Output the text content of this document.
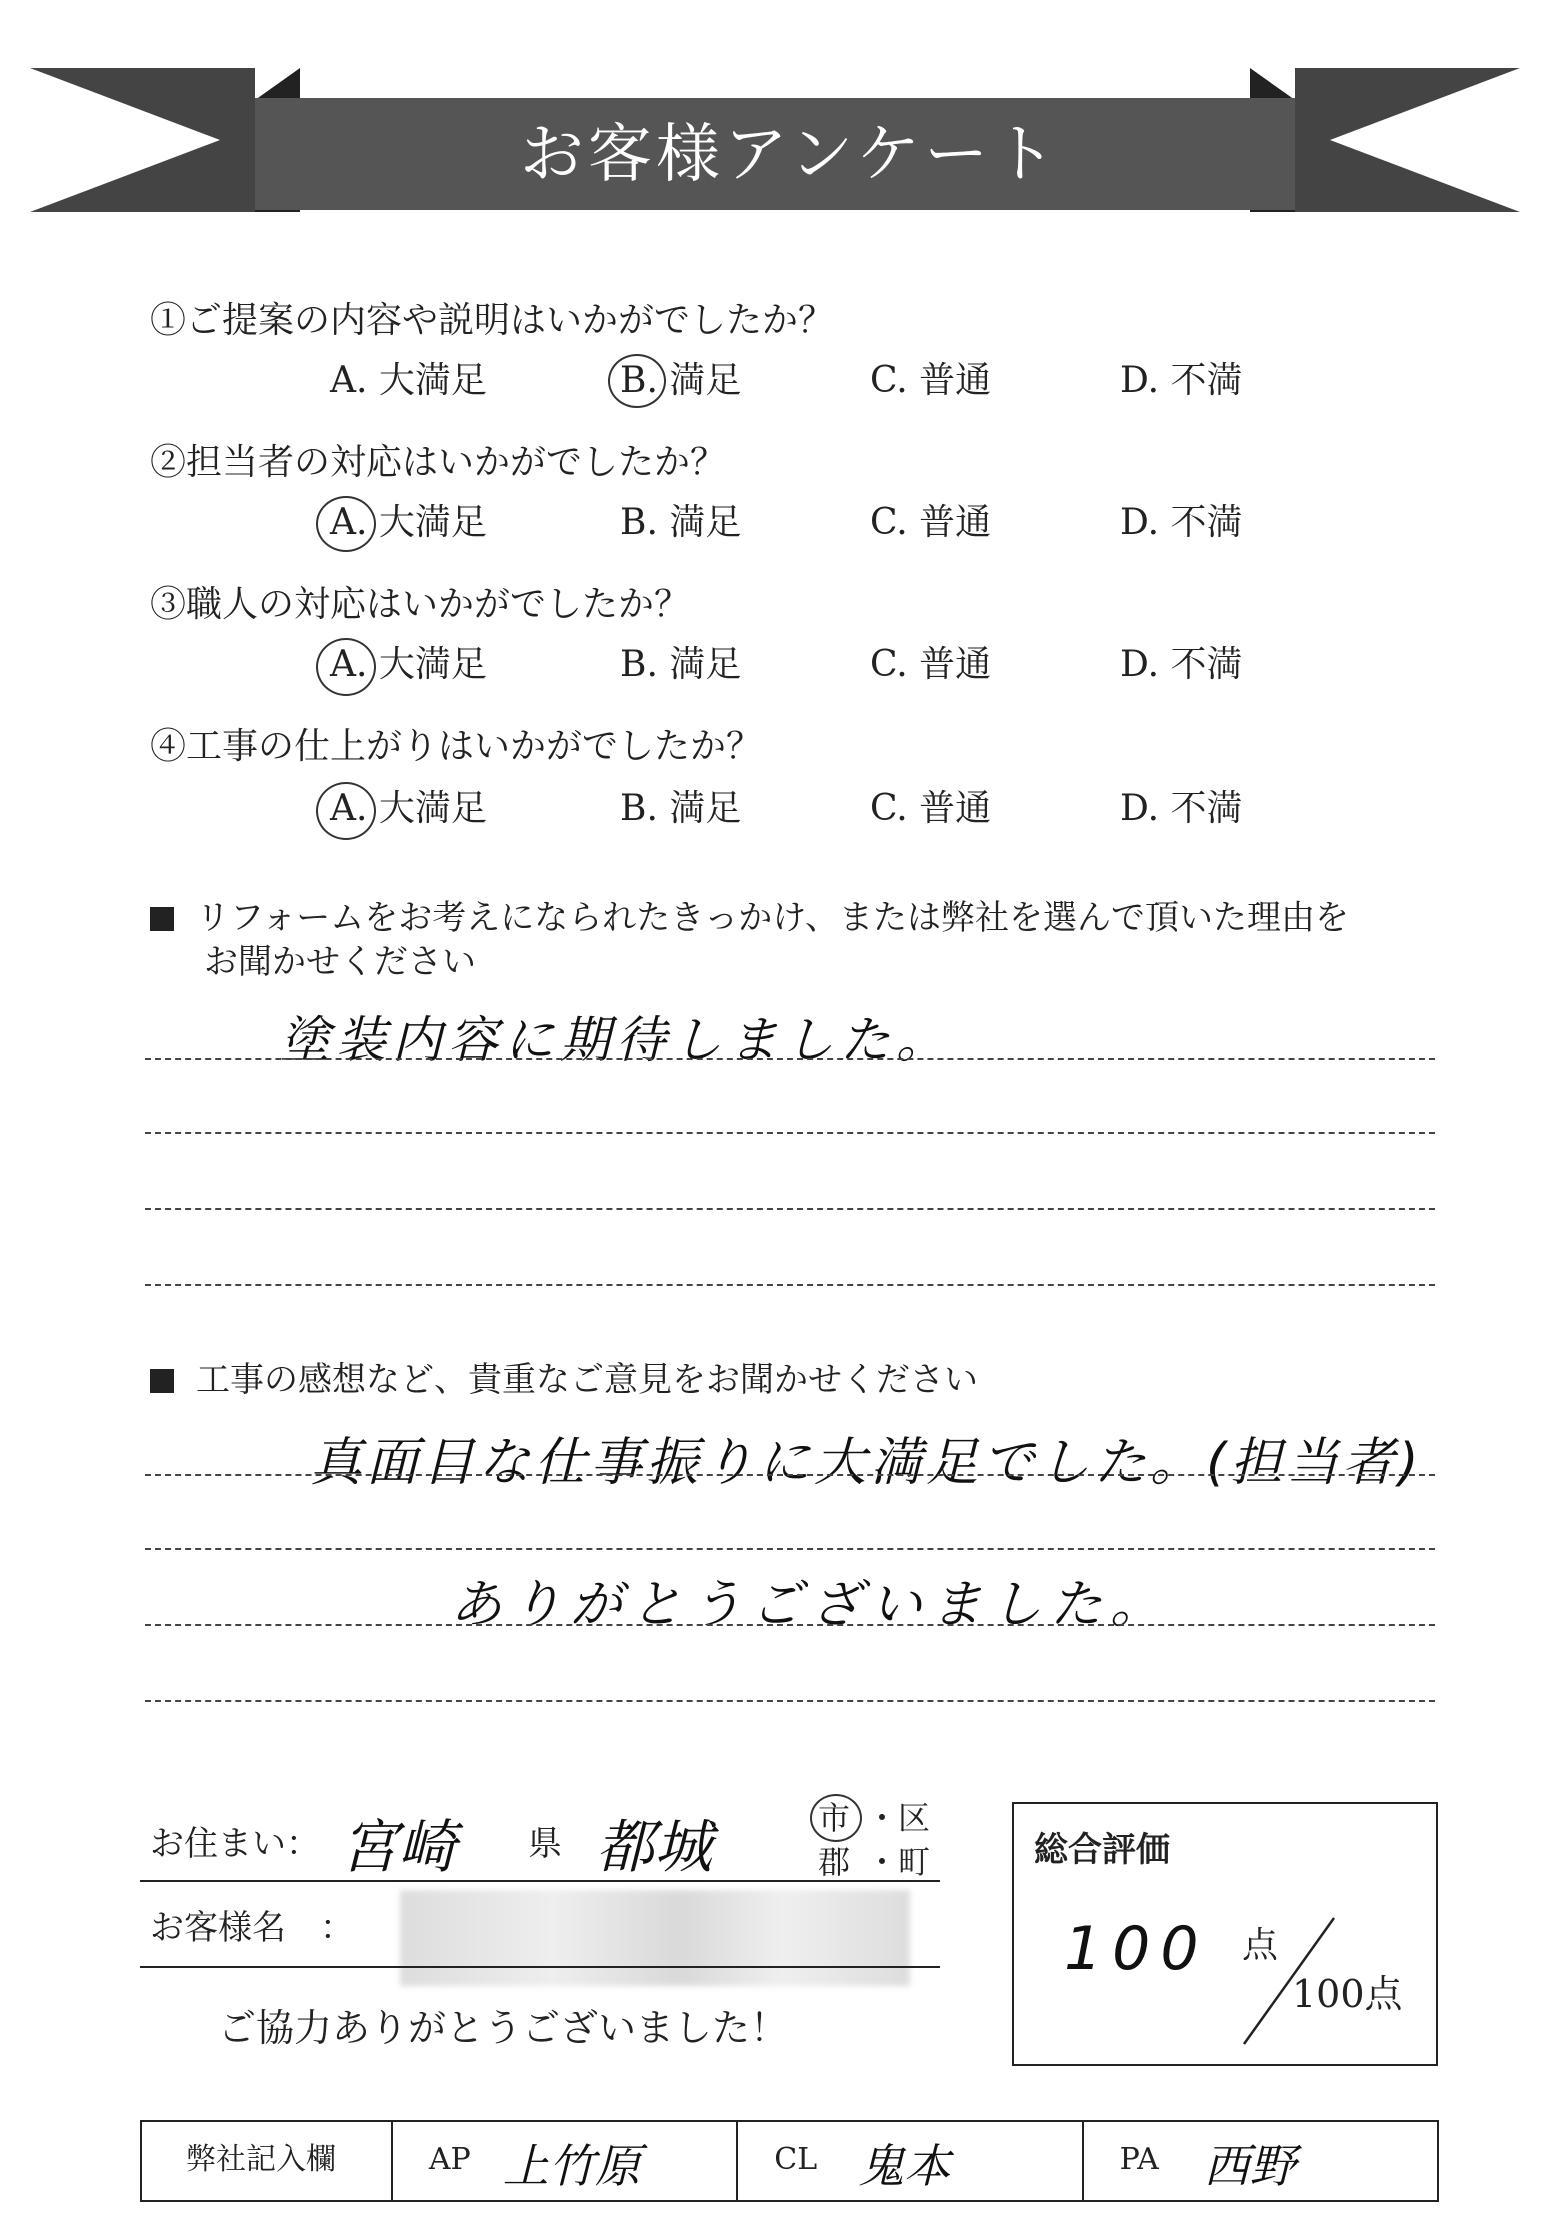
お客様アンケート
①ご提案の内容や説明はいかがでしたか？
A. 大満足	B. 満足	C. 普通	D. 不満
②担当者の対応はいかがでしたか？
A. 大満足	B. 満足	C. 普通	D. 不満
③職人の対応はいかがでしたか？
A. 大満足	B. 満足	C. 普通	D. 不満
④工事の仕上がりはいかがでしたか？
A. 大満足	B. 満足	C. 普通	D. 不満
リフォームをお考えになられたきっかけ、または弊社を選んで頂いた理由を
お聞かせください
塗装内容に期待しました。
工事の感想など、貴重なご意見をお聞かせください
真面目な仕事振りに大満足でした。(担当者)
ありがとうございました。
お住まい： 宮崎 県 都城	市 ・区
郡 ・町
お客様名　：
ご協力ありがとうございました！
総合評価
100 点
100点
弊社記入欄	AP 上竹原	CL 鬼本	PA 西野
